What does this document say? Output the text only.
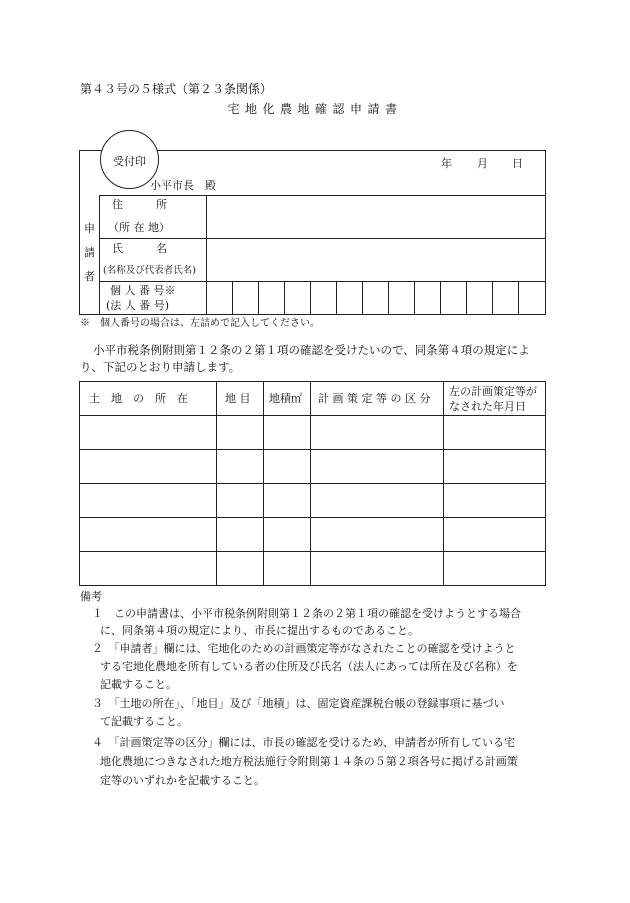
第４３号の５様式（第２３条関係）
宅地化農地確認申請書
受付印	年 月 日
小平市長　殿
申
請
者
住　　　所
（所 在 地）
氏　　　名
(名称及び代表者氏名)
個 人 番 号※
(法 人 番 号)
※　個人番号の場合は、左詰めで記入してください。
小平市税条例附則第１２条の２第１項の確認を受けたいので、同条第４項の規定によ
り、下記のとおり申請します。
土　地　の　所　在	地 目 地積㎡ 計 画 策 定 等 の 区 分
左の計画策定等が
なされた年月日
備考
１　この申請書は、小平市税条例附則第１２条の２第１項の確認を受けようとする場合
に、同条第４項の規定により、市長に提出するものであること。
２　「申請者」欄には、宅地化のための計画策定等がなされたことの確認を受けようと
する宅地化農地を所有している者の住所及び氏名（法人にあっては所在及び名称）を
記載すること。
３　「土地の所在」、「地目」及び「地積」は、固定資産課税台帳の登録事項に基づい
て記載すること。
４　「計画策定等の区分」欄には、市長の確認を受けるため、申請者が所有している宅
地化農地につきなされた地方税法施行令附則第１４条の５第２項各号に掲げる計画策
定等のいずれかを記載すること。
